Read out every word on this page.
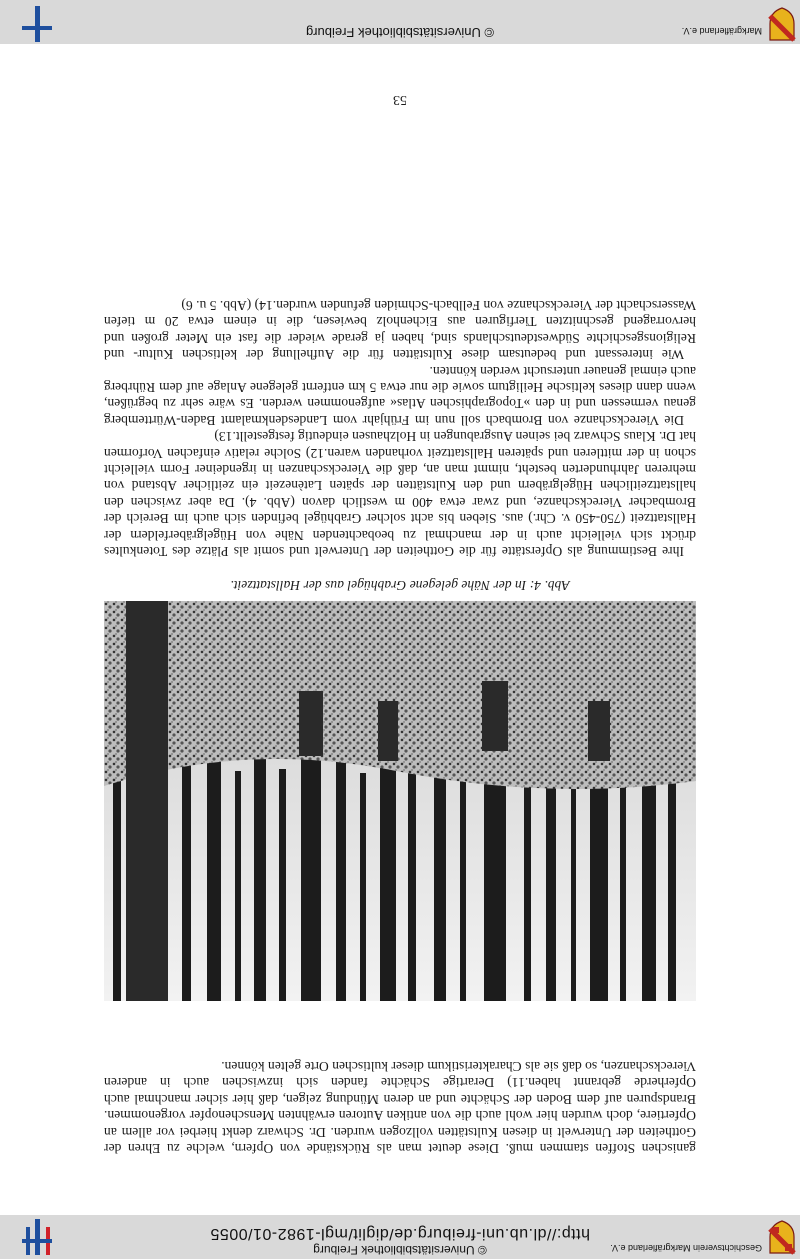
Geschichtsverein Markgräflerland e.V.
© Universitätsbibliothek Freiburg
http://dl.ub.uni-freiburg.de/diglit/mgl-1982-01/0055

ganischen Stoffen stammen muß. Diese deutet man als Rückstände von Opfern, welche zu Ehren der Gottheiten der Unterwelt in diesen Kultstätten vollzogen wurden. Dr. Schwarz denkt hierbei vor allem an Opfertiere, doch wurden hier wohl auch die von antiken Autoren erwähnten Menschenopfer vorgenommen. Brandspuren auf dem Boden der Schächte und an deren Mündung zeigen, daß hier sicher manchmal auch Opferherde gebrannt haben.11) Derartige Schächte fanden sich inzwischen auch in anderen Viereckschanzen, so daß sie als Charakteristikum dieser kultischen Orte gelten können.

Abb. 4: In der Nähe gelegene Grabhügel aus der Hallstattzeit.

Ihre Bestimmung als Opferstätte für die Gottheiten der Unterwelt und somit als Plätze des Totenkultes drückt sich vielleicht auch in der manchmal zu beobachtenden Nähe von Hügelgräberfeldern der Hallstattzeit (750-450 v. Chr.) aus. Sieben bis acht solcher Grabhügel befinden sich auch im Bereich der Brombacher Viereckschanze, und zwar etwa 400 m westlich davon (Abb. 4). Da aber zwischen den hallstattzeitlichen Hügelgräbern und den Kultstätten der späten Latènezeit ein zeitlicher Abstand von mehreren Jahrhunderten besteht, nimmt man an, daß die Viereckschanzen in irgendeiner Form vielleicht schon in der mittleren und späteren Hallstattzeit vorhanden waren.12) Solche relativ einfachen Vorformen hat Dr. Klaus Schwarz bei seinen Ausgrabungen in Holzhausen eindeutig festgestellt.13)

Die Viereckschanze von Brombach soll nun im Frühjahr vom Landesdenkmalamt Baden-Württemberg genau vermessen und in den »Topographischen Atlas« aufgenommen werden. Es wäre sehr zu begrüßen, wenn dann dieses keltische Heiligtum sowie die nur etwa 5 km entfernt gelegene Anlage auf dem Rührberg auch einmal genauer untersucht werden könnten.

Wie interessant und bedeutsam diese Kultstätten für die Aufhellung der keltischen Kultur- und Religionsgeschichte Südwestdeutschlands sind, haben ja gerade wieder die fast ein Meter großen und hervorragend geschnitzten Tierfiguren aus Eichenholz bewiesen, die in einem etwa 20 m tiefen Wasserschacht der Viereckschanze von Fellbach-Schmiden gefunden wurden.14) (Abb. 5 u. 6)

53
Markgräflerland e.V.
© Universitätsbibliothek Freiburg
